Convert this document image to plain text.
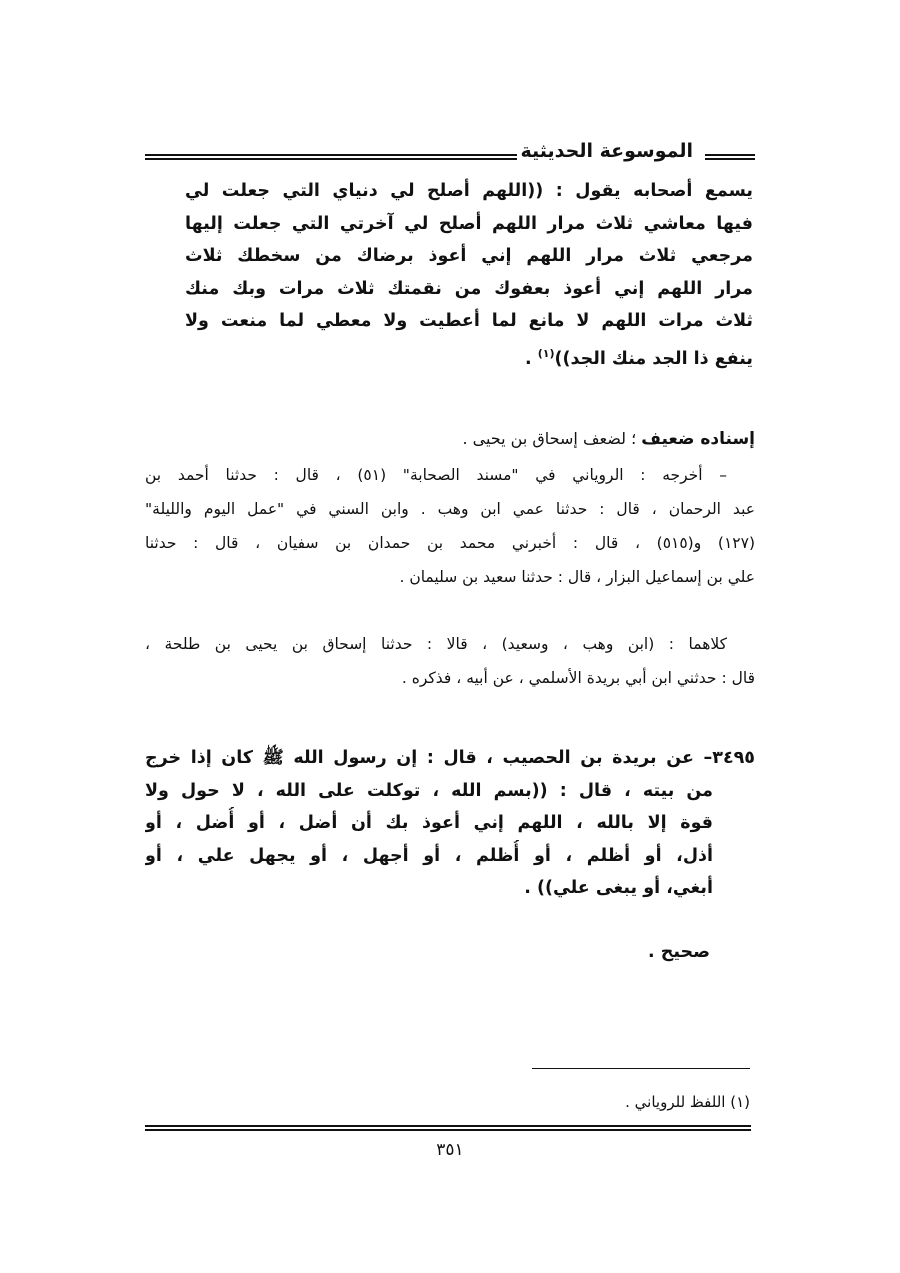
الموسوعة الحديثية
يسمع أصحابه يقول : ((اللهم أصلح لي دنياي التي جعلت لي
فيها معاشي ثلاث مرار اللهم أصلح لي آخرتي التي جعلت إليها
مرجعي ثلاث مرار اللهم إني أعوذ برضاك من سخطك ثلاث
مرار اللهم إني أعوذ بعفوك من نقمتك ثلاث مرات وبك منك
ثلاث مرات اللهم لا مانع لما أعطيت ولا معطي لما منعت ولا
ينفع ذا الجد منك الجد))$^{(١)}$ .
إسناده ضعيف ؛ لضعف إسحاق بن يحيى .
– أخرجه : الروياني في "مسند الصحابة" (٥١) ، قال : حدثنا أحمد بن
عبد الرحمان ، قال : حدثنا عمي ابن وهب . وابن السني في "عمل اليوم والليلة"
(١٢٧) و(٥١٥) ، قال : أخبرني محمد بن حمدان بن سفيان ، قال : حدثنا
علي بن إسماعيل البزار ، قال : حدثنا سعيد بن سليمان .
كلاهما : (ابن وهب ، وسعيد) ، قالا : حدثنا إسحاق بن يحيى بن طلحة ،
قال : حدثني ابن أبي بريدة الأسلمي ، عن أبيه ، فذكره .
٣٤٩٥– عن بريدة بن الحصيب ، قال : إن رسول الله ﷺ كان إذا خرج
من بيته ، قال : ((بسم الله ، توكلت على الله ، لا حول ولا
قوة إلا بالله ، اللهم إني أعوذ بك أن أضل ، أو أُضل ، أو
أذل، أو أظلم ، أو أُظلم ، أو أجهل ، أو يجهل علي ، أو
أبغي، أو يبغى علي)) .
صحيح .
(١) اللفظ للروياني .
٣٥١
